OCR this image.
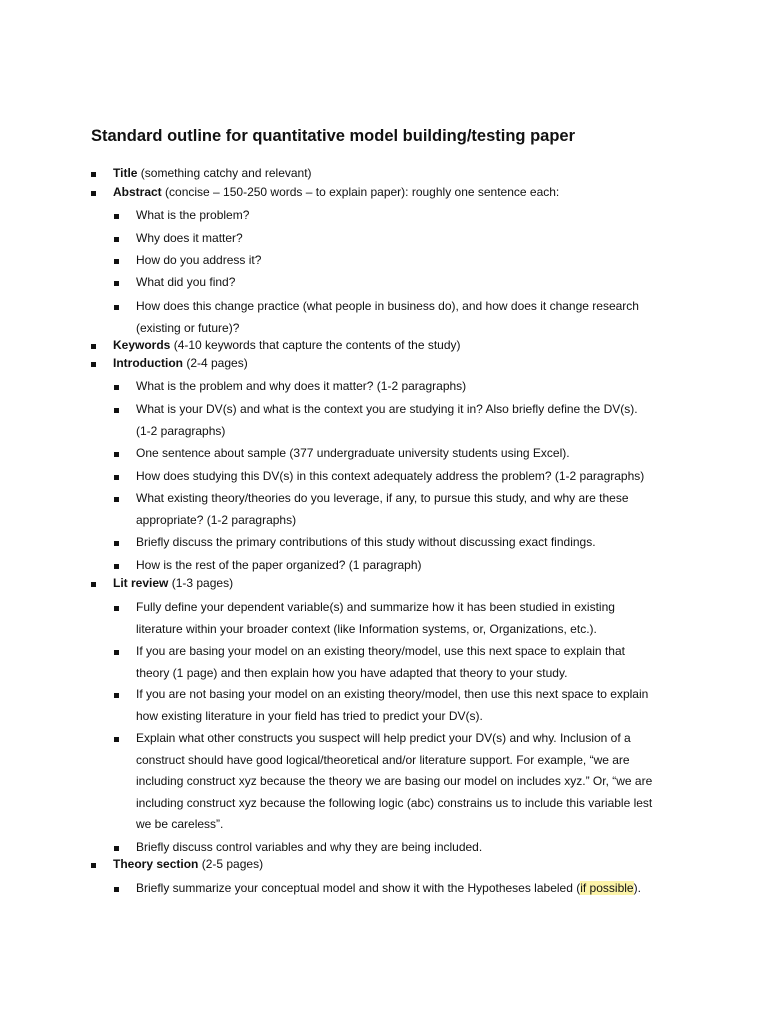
Standard outline for quantitative model building/testing paper
Title (something catchy and relevant)
Abstract (concise – 150-250 words – to explain paper): roughly one sentence each:
What is the problem?
Why does it matter?
How do you address it?
What did you find?
How does this change practice (what people in business do), and how does it change research
(existing or future)?
Keywords (4-10 keywords that capture the contents of the study)
Introduction (2-4 pages)
What is the problem and why does it matter? (1-2 paragraphs)
What is your DV(s) and what is the context you are studying it in? Also briefly define the DV(s).
(1-2 paragraphs)
One sentence about sample (377 undergraduate university students using Excel).
How does studying this DV(s) in this context adequately address the problem? (1-2 paragraphs)
What existing theory/theories do you leverage, if any, to pursue this study, and why are these
appropriate? (1-2 paragraphs)
Briefly discuss the primary contributions of this study without discussing exact findings.
How is the rest of the paper organized? (1 paragraph)
Lit review (1-3 pages)
Fully define your dependent variable(s) and summarize how it has been studied in existing
literature within your broader context (like Information systems, or, Organizations, etc.).
If you are basing your model on an existing theory/model, use this next space to explain that
theory (1 page) and then explain how you have adapted that theory to your study.
If you are not basing your model on an existing theory/model, then use this next space to explain
how existing literature in your field has tried to predict your DV(s).
Explain what other constructs you suspect will help predict your DV(s) and why. Inclusion of a
construct should have good logical/theoretical and/or literature support. For example, “we are
including construct xyz because the theory we are basing our model on includes xyz.” Or, “we are
including construct xyz because the following logic (abc) constrains us to include this variable lest
we be careless”.
Briefly discuss control variables and why they are being included.
Theory section (2-5 pages)
Briefly summarize your conceptual model and show it with the Hypotheses labeled (if possible).
